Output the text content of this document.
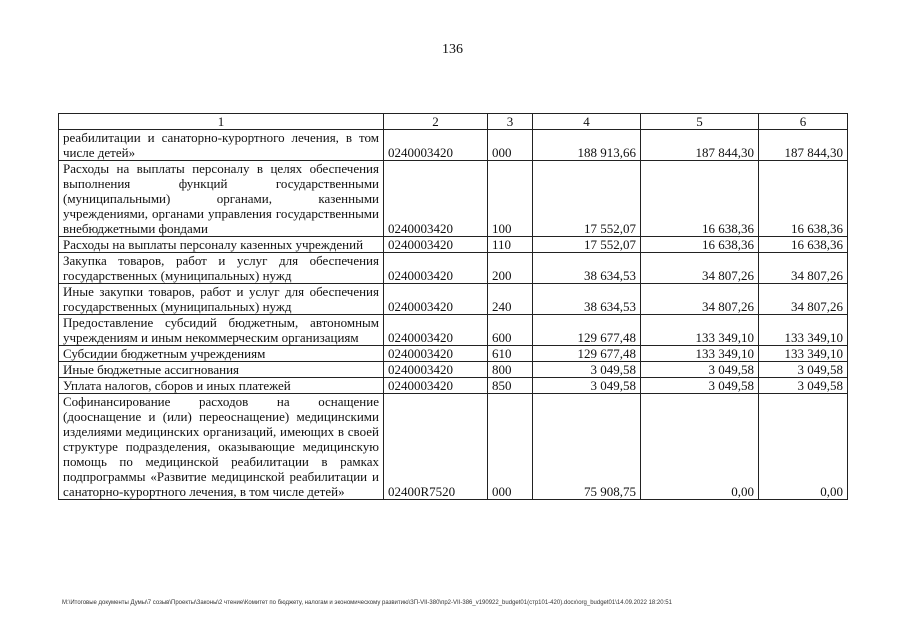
136
1	2	3	4	5	6
реабилитации и санаторно-курортного лечения, в том числе детей»	0240003420	000	188 913,66	187 844,30	187 844,30
Расходы на выплаты персоналу в целях обеспечения выполнения функций государственными (муниципальными) органами, казенными учреждениями, органами управления государственными внебюджетными фондами	0240003420	100	17 552,07	16 638,36	16 638,36
Расходы на выплаты персоналу казенных учреждений	0240003420	110	17 552,07	16 638,36	16 638,36
Закупка товаров, работ и услуг для обеспечения государственных (муниципальных) нужд	0240003420	200	38 634,53	34 807,26	34 807,26
Иные закупки товаров, работ и услуг для обеспечения государственных (муниципальных) нужд	0240003420	240	38 634,53	34 807,26	34 807,26
Предоставление субсидий бюджетным, автономным учреждениям и иным некоммерческим организациям	0240003420	600	129 677,48	133 349,10	133 349,10
Субсидии бюджетным учреждениям	0240003420	610	129 677,48	133 349,10	133 349,10
Иные бюджетные ассигнования	0240003420	800	3 049,58	3 049,58	3 049,58
Уплата налогов, сборов и иных платежей	0240003420	850	3 049,58	3 049,58	3 049,58
Софинансирование расходов на оснащение (дооснащение и (или) переоснащение) медицинскими изделиями медицинских организаций, имеющих в своей структуре подразделения, оказывающие медицинскую помощь по медицинской реабилитации в рамках подпрограммы «Развитие медицинской реабилитации и санаторно-курортного лечения, в том числе детей»	02400R7520	000	75 908,75	0,00	0,00
M:\Итоговые документы Думы\7 созыв\Проекты\Законы\2 чтение\Комитет по бюджету, налогам и экономическому развитию\ЗП-VII-380\пр2-VII-386_v190922_budget01(стр101-420).docx\org_budget01\14.09.2022 18:20:51
